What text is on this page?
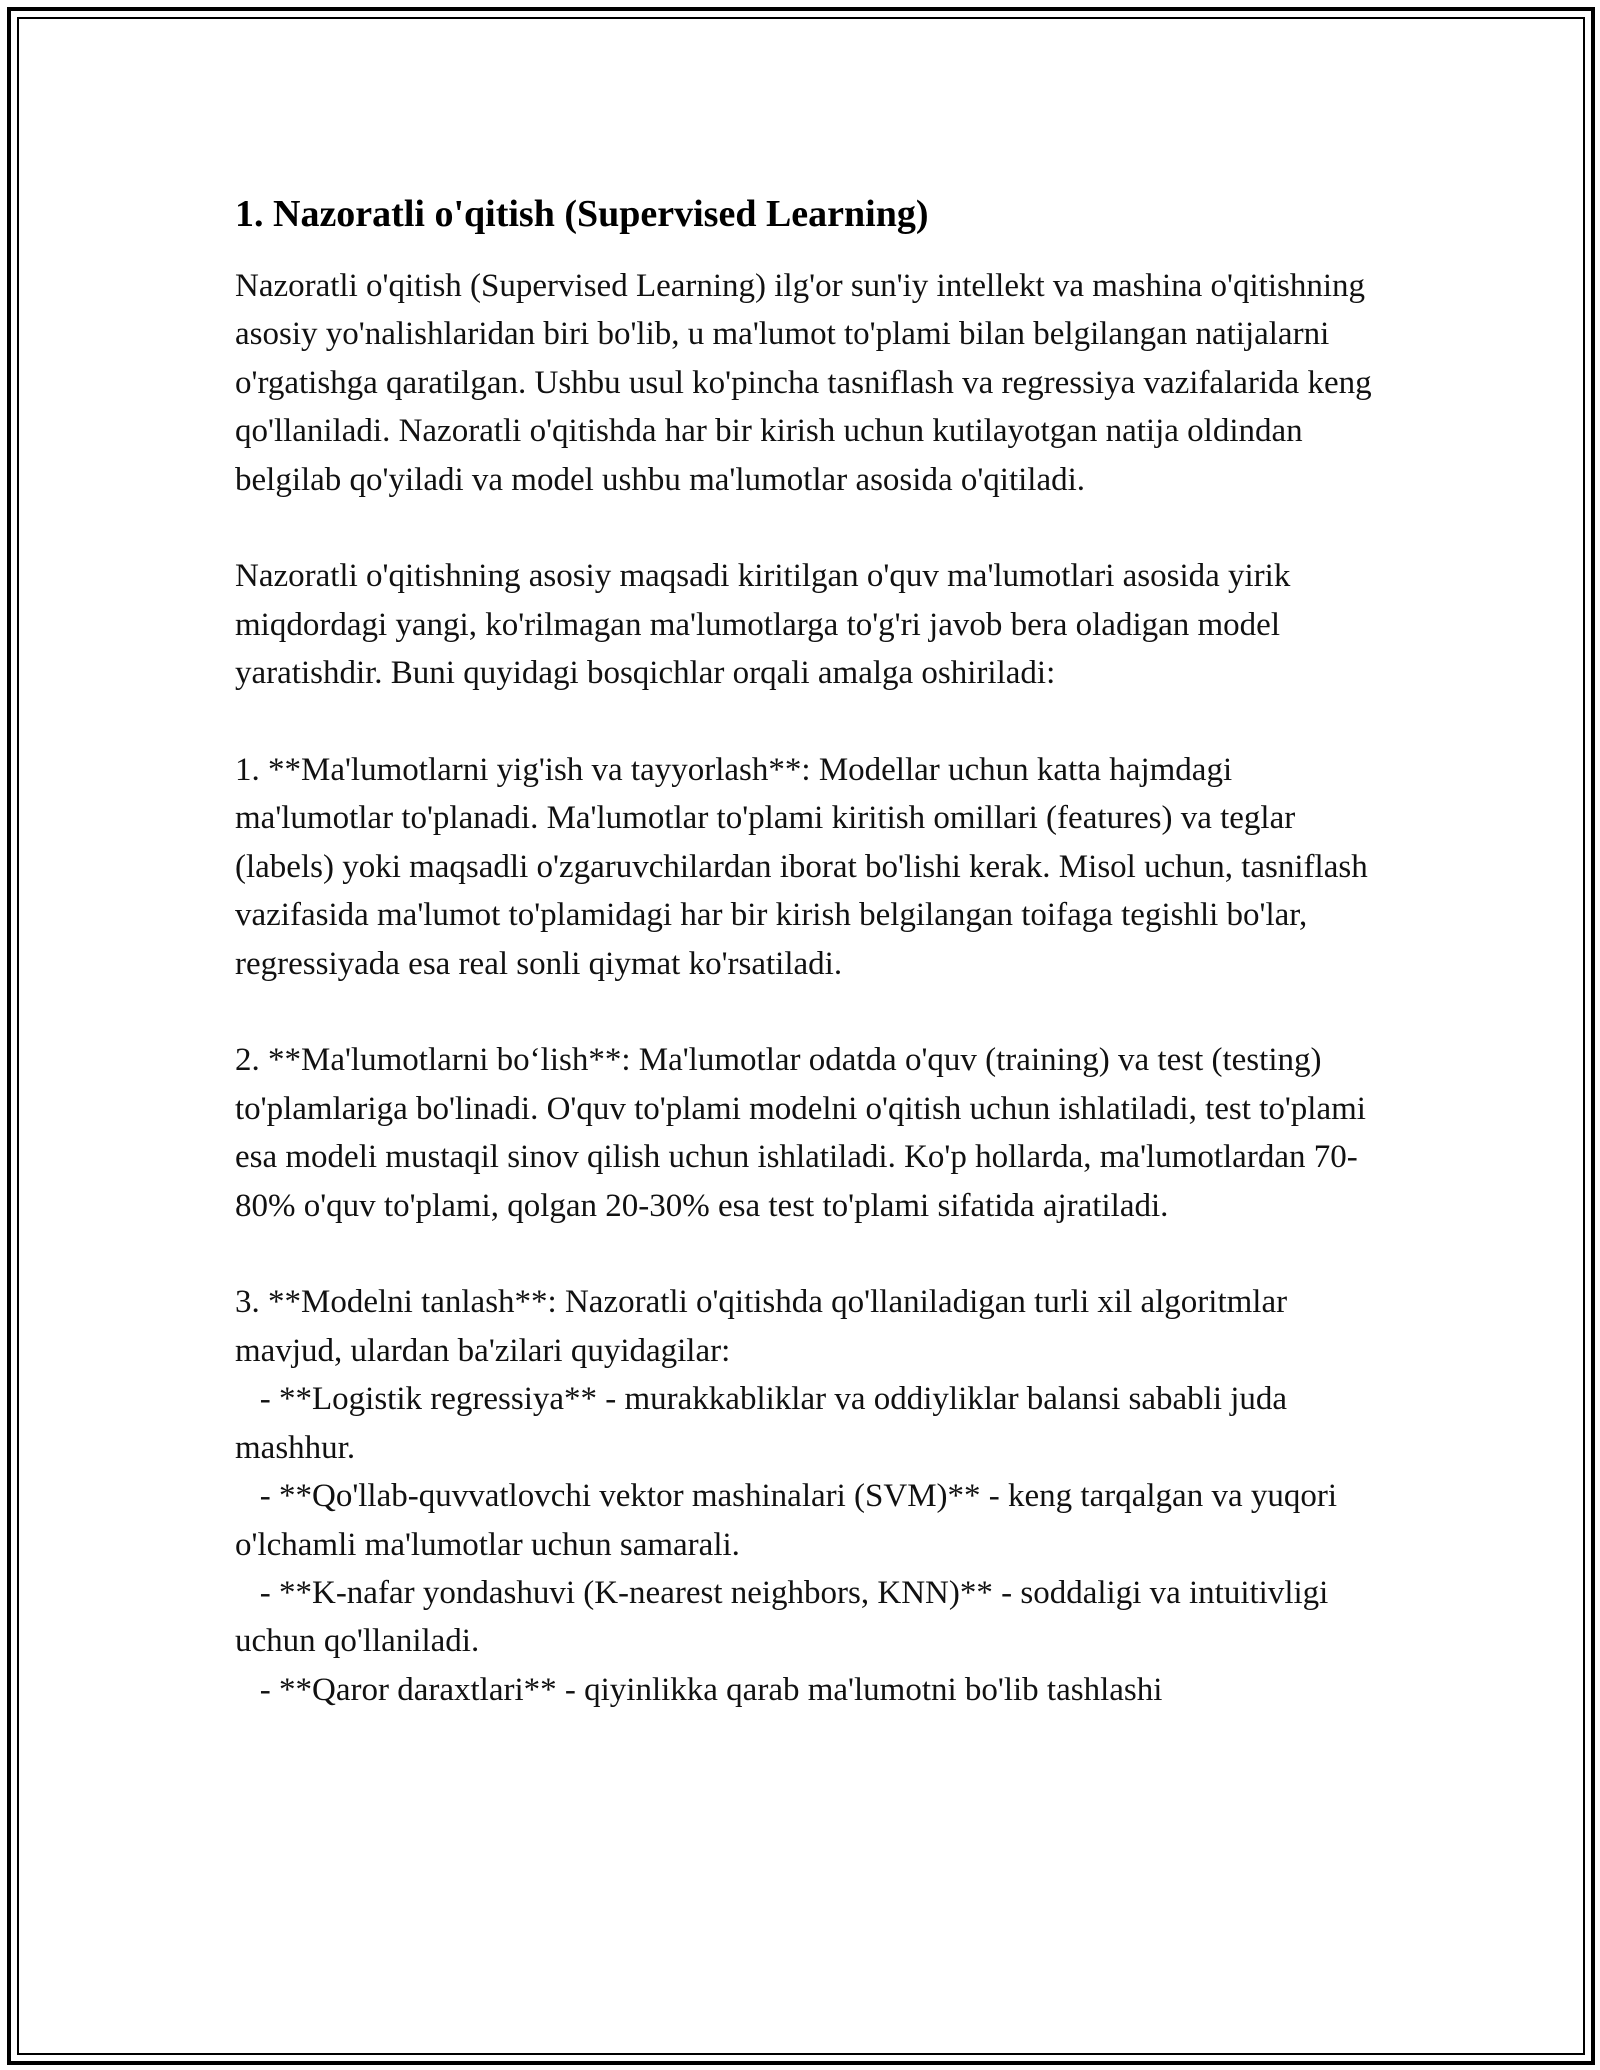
1. Nazoratli o'qitish (Supervised Learning)

Nazoratli o'qitish (Supervised Learning) ilg'or sun'iy intellekt va mashina o'qitishning asosiy yo'nalishlaridan biri bo'lib, u ma'lumot to'plami bilan belgilangan natijalarni o'rgatishga qaratilgan. Ushbu usul ko'pincha tasniflash va regressiya vazifalarida keng qo'llaniladi. Nazoratli o'qitishda har bir kirish uchun kutilayotgan natija oldindan belgilab qo'yiladi va model ushbu ma'lumotlar asosida o'qitiladi.

Nazoratli o'qitishning asosiy maqsadi kiritilgan o'quv ma'lumotlari asosida yirik miqdordagi yangi, ko'rilmagan ma'lumotlarga to'g'ri javob bera oladigan model yaratishdir. Buni quyidagi bosqichlar orqali amalga oshiriladi:

1. **Ma'lumotlarni yig'ish va tayyorlash**: Modellar uchun katta hajmdagi ma'lumotlar to'planadi. Ma'lumotlar to'plami kiritish omillari (features) va teglar (labels) yoki maqsadli o'zgaruvchilardan iborat bo'lishi kerak. Misol uchun, tasniflash vazifasida ma'lumot to'plamidagi har bir kirish belgilangan toifaga tegishli bo'lar, regressiyada esa real sonli qiymat ko'rsatiladi.

2. **Ma'lumotlarni bo‘lish**: Ma'lumotlar odatda o'quv (training) va test (testing) to'plamlariga bo'linadi. O'quv to'plami modelni o'qitish uchun ishlatiladi, test to'plami esa modeli mustaqil sinov qilish uchun ishlatiladi. Ko'p hollarda, ma'lumotlardan 70-80% o'quv to'plami, qolgan 20-30% esa test to'plami sifatida ajratiladi.

3. **Modelni tanlash**: Nazoratli o'qitishda qo'llaniladigan turli xil algoritmlar mavjud, ulardan ba'zilari quyidagilar:

- **Logistik regressiya** - murakkabliklar va oddiyliklar balansi sababli juda mashhur.

- **Qo'llab-quvvatlovchi vektor mashinalari (SVM)** - keng tarqalgan va yuqori o'lchamli ma'lumotlar uchun samarali.

- **K-nafar yondashuvi (K-nearest neighbors, KNN)** - soddaligi va intuitivligi uchun qo'llaniladi.

- **Qaror daraxtlari** - qiyinlikka qarab ma'lumotni bo'lib tashlashi
